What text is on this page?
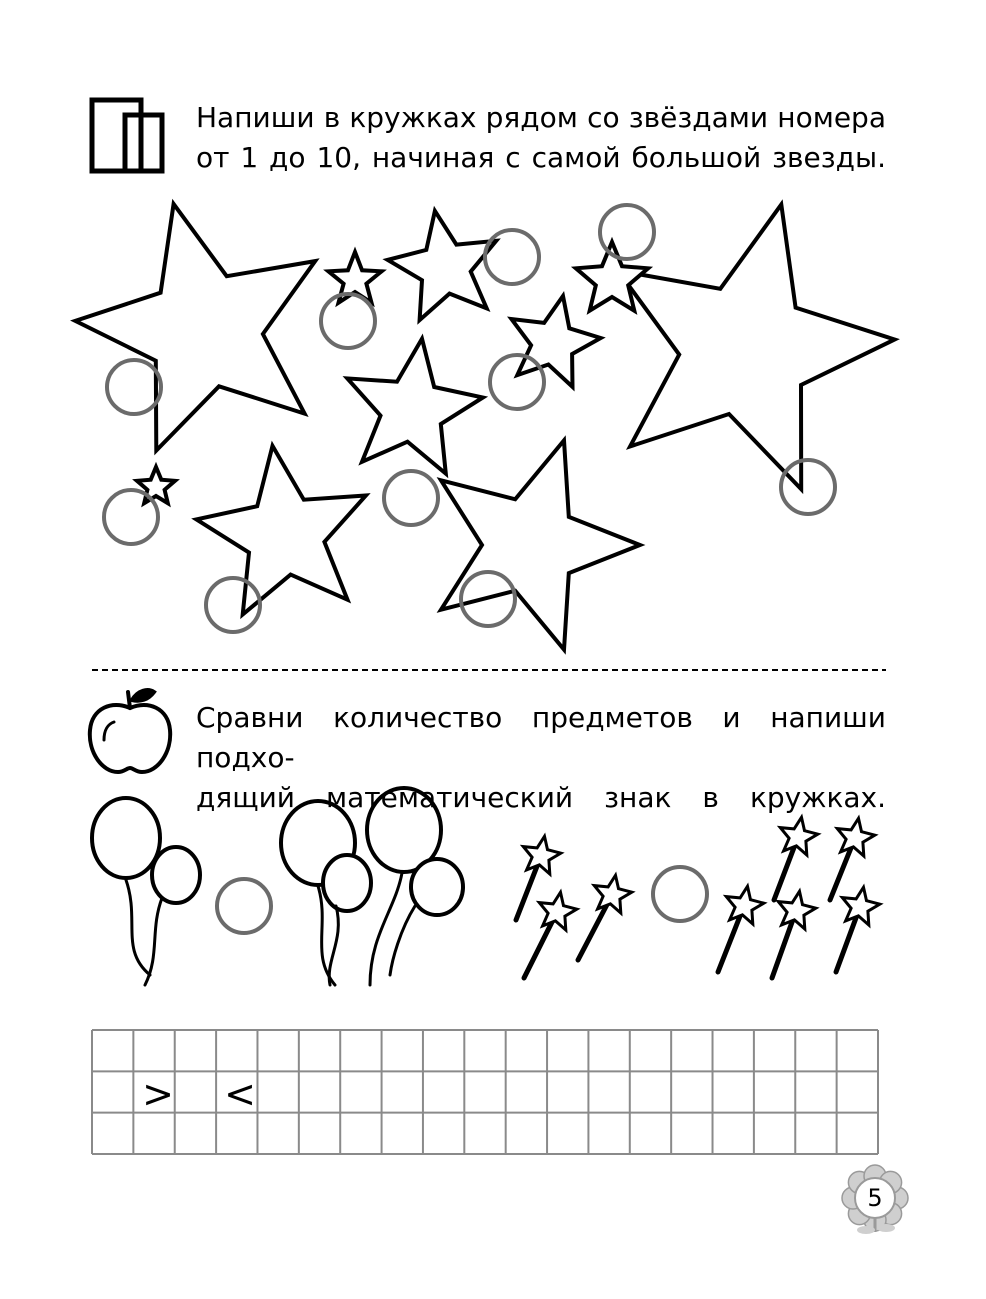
> <
Напиши в кружках рядом со звёздами номера
от 1 до 10, начиная с самой большой звезды.
Сравни количество предметов и напиши подхо-
дящий математический знак в кружках.
5
